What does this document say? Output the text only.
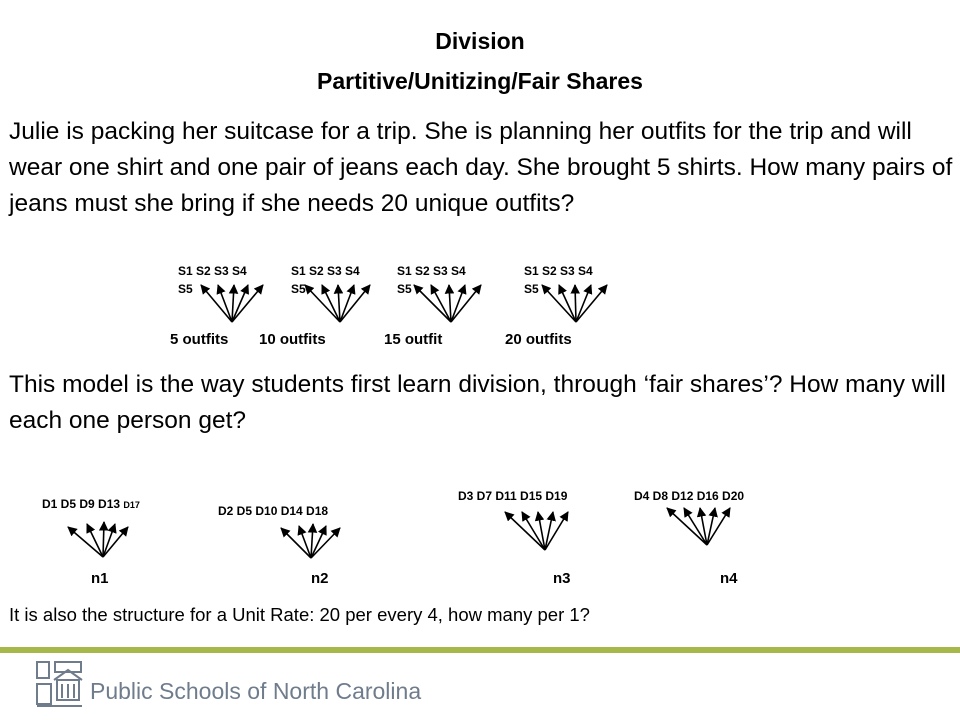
Division
Partitive/Unitizing/Fair Shares
Julie is packing her suitcase for a trip. She is planning her outfits for the trip and will wear one shirt and one pair of jeans each day. She brought 5 shirts. How many pairs of jeans must she bring if she needs 20 unique outfits?
S1 S2 S3 S4
S5
S1 S2 S3 S4
S5
S1 S2 S3 S4
S5
S1 S2 S3 S4
S5
5 outfits 10 outfits	15 outfit	20 outfits
This model is the way students first learn division, through ‘fair shares’? How many will each one person get?
D1 D5 D9 D13 D17	D2 D5 D10 D14 D18
D3 D7 D11 D15 D19	D4 D8 D12 D16 D20
n1	n2	n3	n4
It is also the structure for a Unit Rate: 20 per every 4, how many per 1?
Public Schools of North Carolina
